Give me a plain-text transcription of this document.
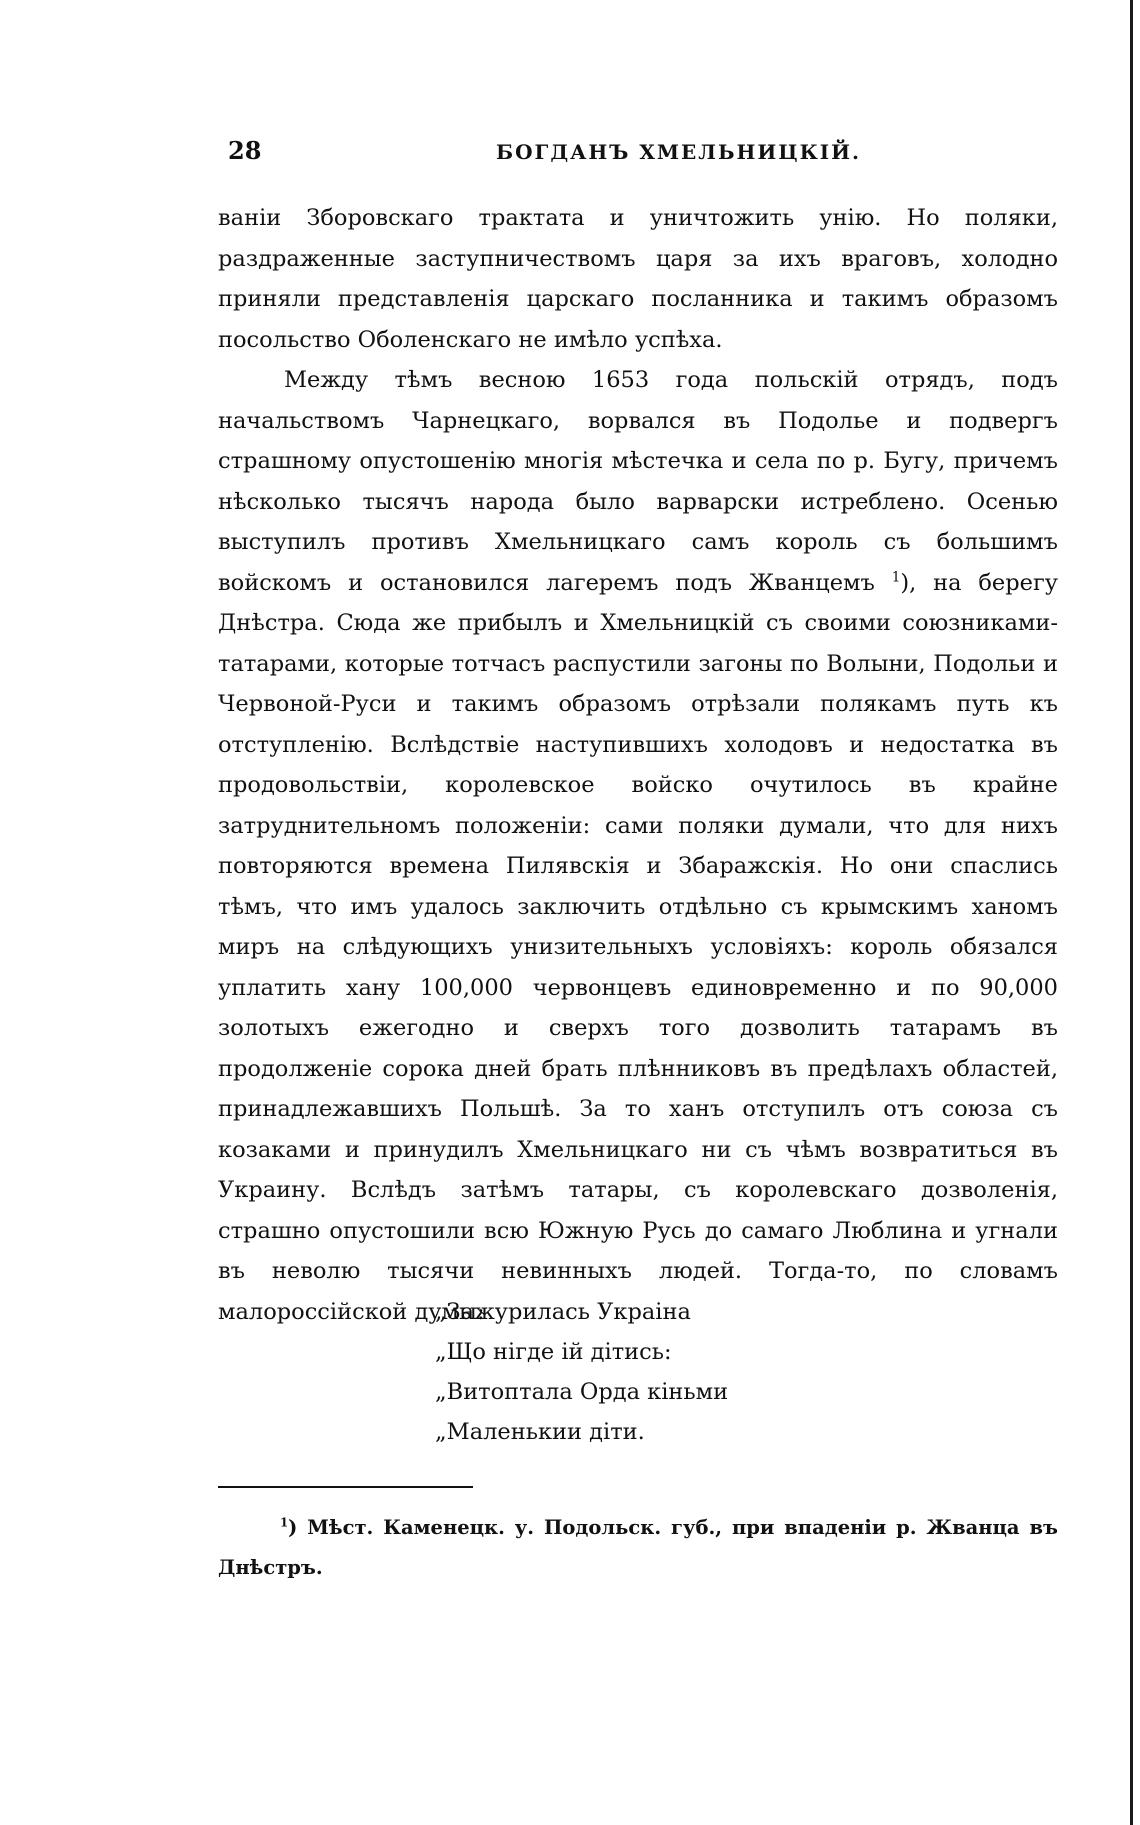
28	БОГДАНЪ ХМЕЛЬНИЦКІЙ.

ваніи Зборовскаго трактата и уничтожить унію. Но поляки, раздраженные заступничествомъ царя за ихъ враговъ, холодно приняли представленія царскаго посланника и такимъ образомъ посольство Оболенскаго не имѣло успѣха.

Между тѣмъ весною 1653 года польскій отрядъ, подъ начальствомъ Чарнецкаго, ворвался въ Подолье и подвергъ страшному опустошенію многія мѣстечка и села по р. Бугу, причемъ нѣсколько тысячъ народа было варварски истреблено. Осенью выступилъ противъ Хмельницкаго самъ король съ большимъ войскомъ и остановился лагеремъ подъ Жванцемъ $^1$), на берегу Днѣстра. Сюда же прибылъ и Хмельницкій съ своими союзниками-татарами, которые тотчасъ распустили загоны по Волыни, Подольи и Червоной-Руси и такимъ образомъ отрѣзали полякамъ путь къ отступленію. Вслѣдствіе наступившихъ холодовъ и недостатка въ продовольствіи, королевское войско очутилось въ крайне затруднительномъ положеніи: сами поляки думали, что для нихъ повторяются времена Пилявскія и Збаражскія. Но они спаслись тѣмъ, что имъ удалось заключить отдѣльно съ крымскимъ ханомъ миръ на слѣдующихъ унизительныхъ условіяхъ: король обязался уплатить хану 100,000 червонцевъ единовременно и по 90,000 золотыхъ ежегодно и сверхъ того дозволить татарамъ въ продолженіе сорока дней брать плѣнниковъ въ предѣлахъ областей, принадлежавшихъ Польшѣ. За то ханъ отступилъ отъ союза съ козаками и принудилъ Хмельницкаго ни съ чѣмъ возвратиться въ Украину. Вслѣдъ затѣмъ татары, съ королевскаго дозволенія, страшно опустошили всю Южную Русь до самаго Люблина и угнали въ неволю тысячи невинныхъ людей. Тогда-то, по словамъ малороссійской думы:

„Зажурилась Украіна
„Що нігде ій дітись:
„Витоптала Орда кіньми
„Маленькии діти.
$^1$) Мѣст. Каменецк. у. Подольск. губ., при впаденіи р. Жванца въ Днѣстръ.
